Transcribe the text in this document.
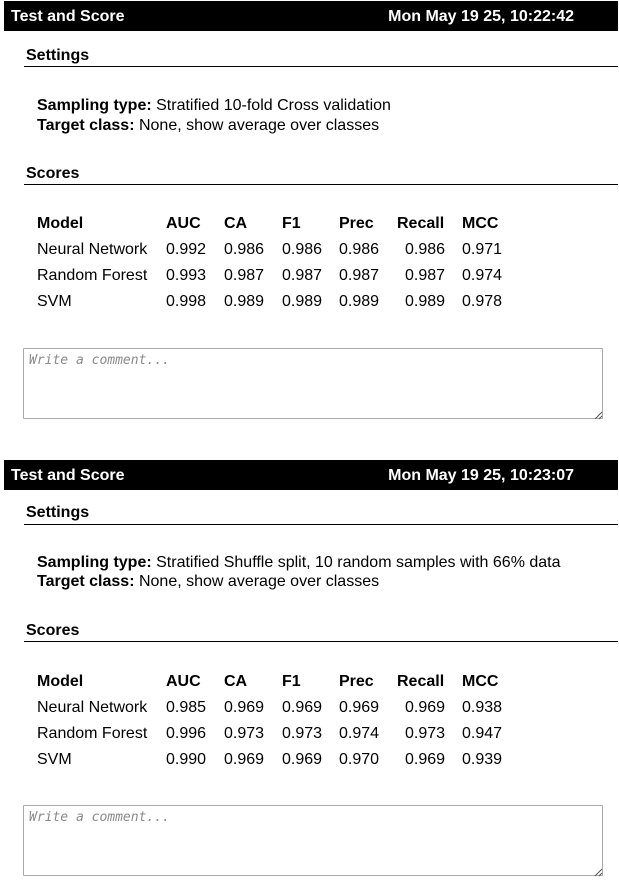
Test and Score	Mon May 19 25, 10:22:42
Settings
Sampling type: Stratified 10-fold Cross validation
Target class: None, show average over classes
Scores
Model	AUC CA F1 Prec Recall MCC
Neural Network 0.992 0.986 0.986 0.986 0.986 0.971
Random Forest 0.993 0.987 0.987 0.987 0.987 0.974
SVM	0.998 0.989 0.989 0.989 0.989 0.978
Write a comment...
Test and Score	Mon May 19 25, 10:23:07
Settings
Sampling type: Stratified Shuffle split, 10 random samples with 66% data
Target class: None, show average over classes
Scores
Model	AUC CA F1 Prec Recall MCC
Neural Network 0.985 0.969 0.969 0.969 0.969 0.938
Random Forest 0.996 0.973 0.973 0.974 0.973 0.947
SVM	0.990 0.969 0.969 0.970 0.969 0.939
Write a comment...
